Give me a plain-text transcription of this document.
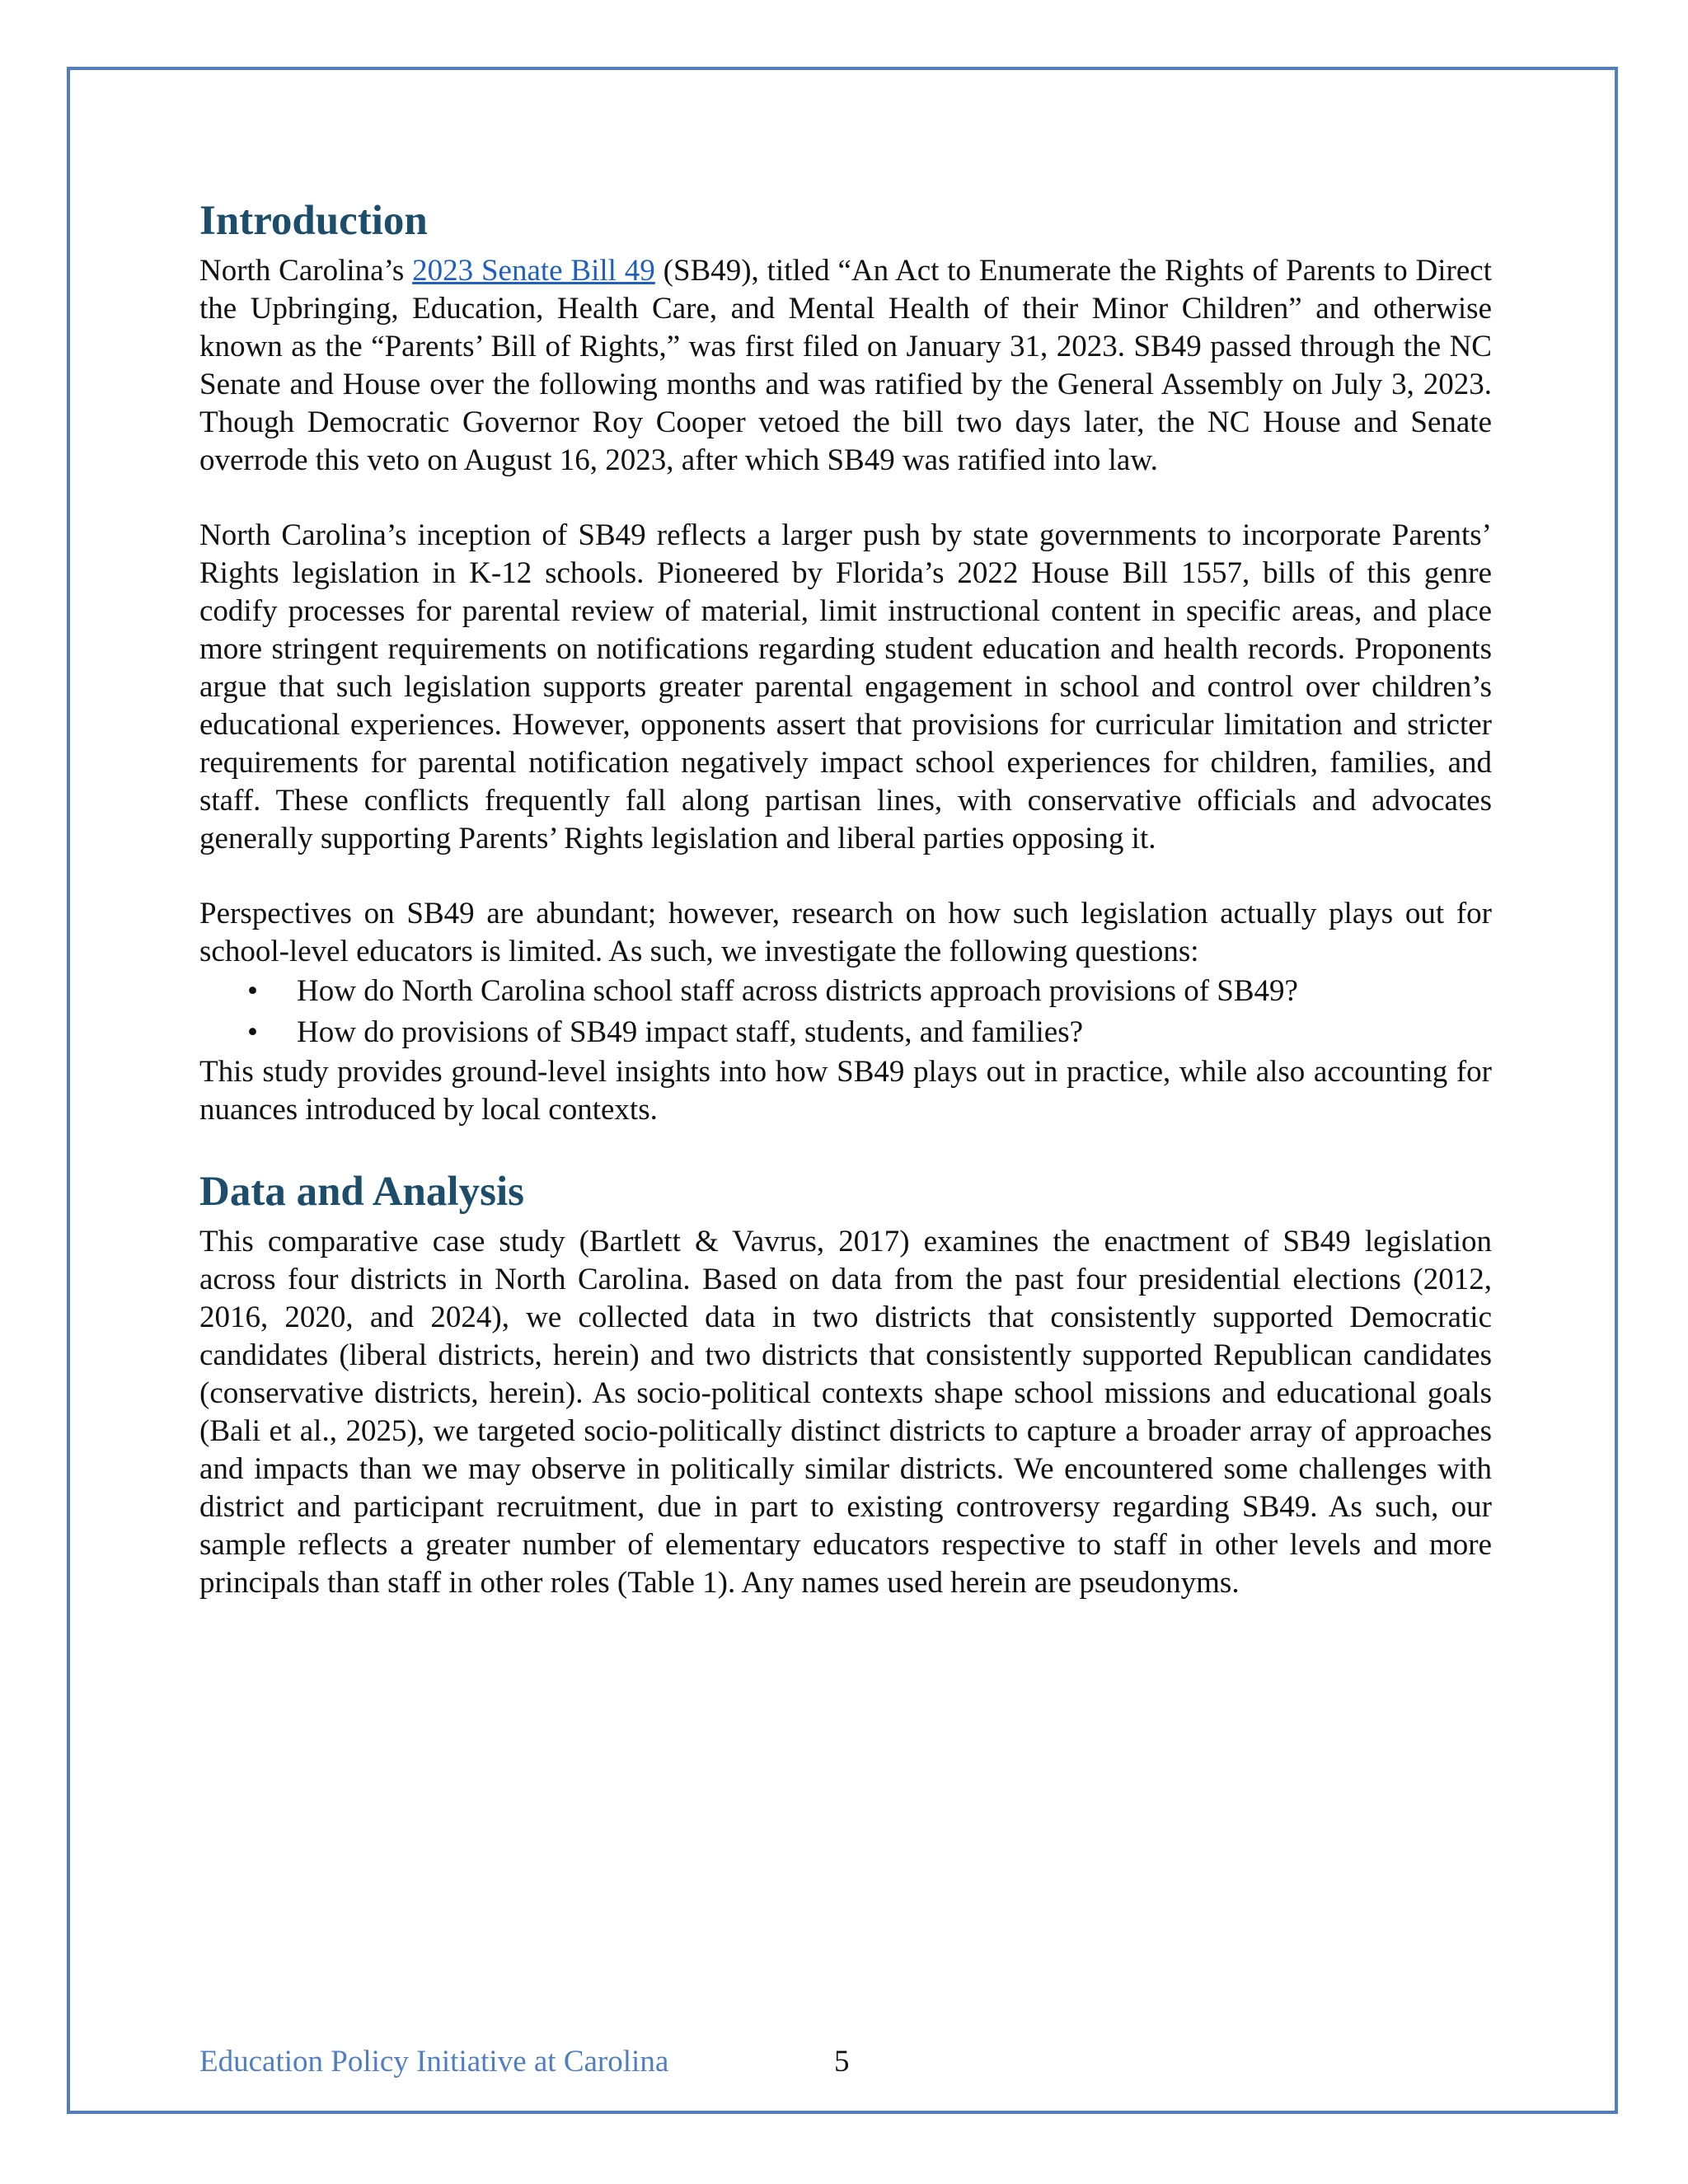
Introduction

North Carolina’s 2023 Senate Bill 49 (SB49), titled “An Act to Enumerate the Rights of Parents to Direct the Upbringing, Education, Health Care, and Mental Health of their Minor Children” and otherwise known as the “Parents’ Bill of Rights,” was first filed on January 31, 2023. SB49 passed through the NC Senate and House over the following months and was ratified by the General Assembly on July 3, 2023. Though Democratic Governor Roy Cooper vetoed the bill two days later, the NC House and Senate overrode this veto on August 16, 2023, after which SB49 was ratified into law.

North Carolina’s inception of SB49 reflects a larger push by state governments to incorporate Parents’ Rights legislation in K-12 schools. Pioneered by Florida’s 2022 House Bill 1557, bills of this genre codify processes for parental review of material, limit instructional content in specific areas, and place more stringent requirements on notifications regarding student education and health records. Proponents argue that such legislation supports greater parental engagement in school and control over children’s educational experiences. However, opponents assert that provisions for curricular limitation and stricter requirements for parental notification negatively impact school experiences for children, families, and staff. These conflicts frequently fall along partisan lines, with conservative officials and advocates generally supporting Parents’ Rights legislation and liberal parties opposing it.

Perspectives on SB49 are abundant; however, research on how such legislation actually plays out for school-level educators is limited. As such, we investigate the following questions:

• How do North Carolina school staff across districts approach provisions of SB49?
• How do provisions of SB49 impact staff, students, and families?

This study provides ground-level insights into how SB49 plays out in practice, while also accounting for nuances introduced by local contexts.

Data and Analysis

This comparative case study (Bartlett & Vavrus, 2017) examines the enactment of SB49 legislation across four districts in North Carolina. Based on data from the past four presidential elections (2012, 2016, 2020, and 2024), we collected data in two districts that consistently supported Democratic candidates (liberal districts, herein) and two districts that consistently supported Republican candidates (conservative districts, herein). As socio-political contexts shape school missions and educational goals (Bali et al., 2025), we targeted socio-politically distinct districts to capture a broader array of approaches and impacts than we may observe in politically similar districts. We encountered some challenges with district and participant recruitment, due in part to existing controversy regarding SB49. As such, our sample reflects a greater number of elementary educators respective to staff in other levels and more principals than staff in other roles (Table 1). Any names used herein are pseudonyms.

Education Policy Initiative at Carolina	5
